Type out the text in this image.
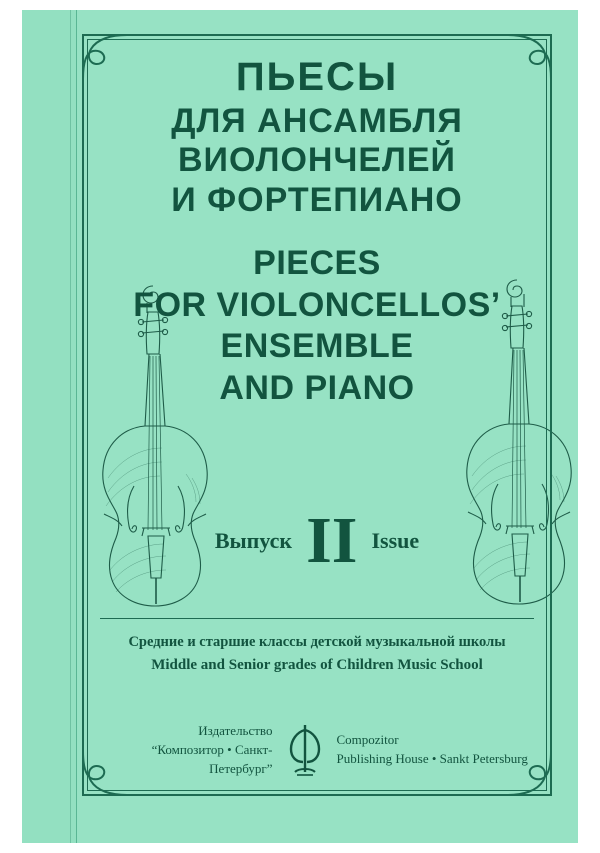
ПЬЕСЫ
ДЛЯ АНСАМБЛЯ
ВИОЛОНЧЕЛЕЙ
И ФОРТЕПИАНО
PIECES
FOR VIOLONCELLOS’
ENSEMBLE
AND PIANO
Выпуск II Issue
Средние и старшие классы детской музыкальной школы
Middle and Senior grades of Children Music School
Издательство
“Композитор • Санкт-Петербург”
Compozitor
Publishing House • Sankt Petersburg
